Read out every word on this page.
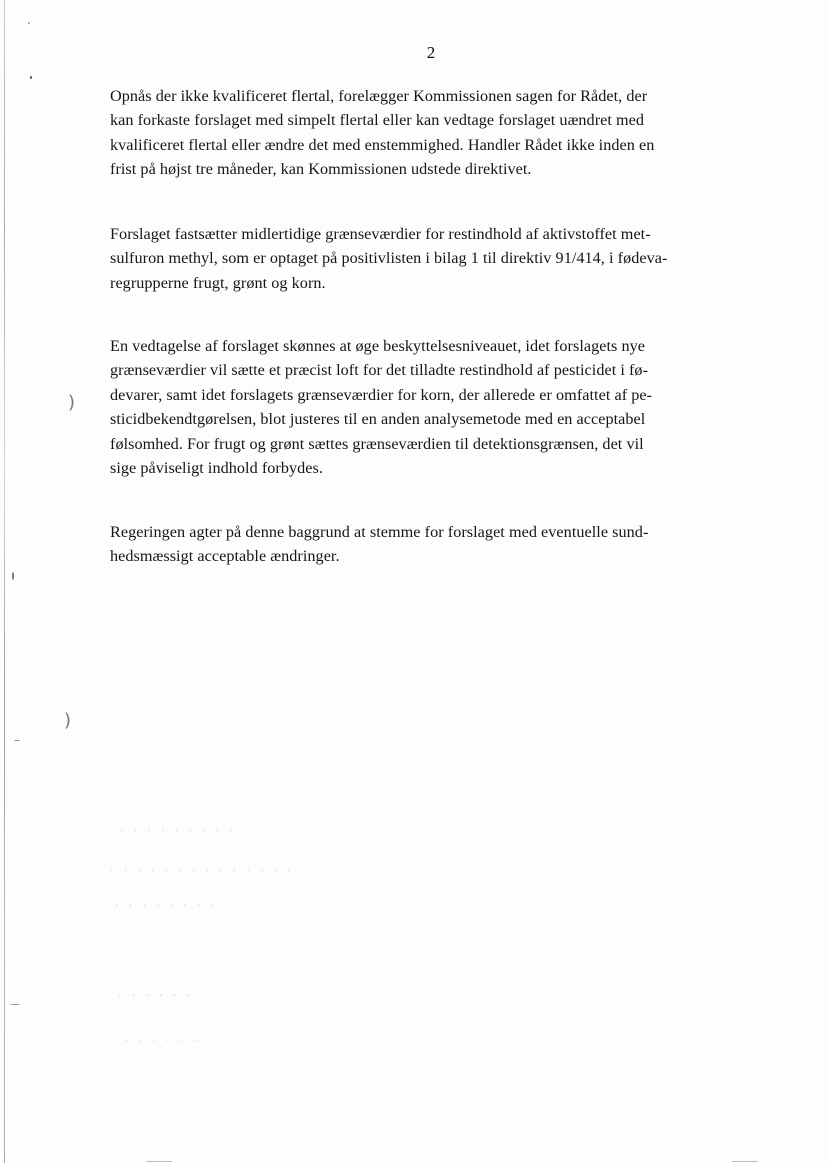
)
)
. . . . . . . . .
. . . . . . . . . . . . . .
. . . . . . . .
. . . . . .
. . . . . .
2

Opnås der ikke kvalificeret flertal, forelægger Kommissionen sagen for Rådet, der
kan forkaste forslaget med simpelt flertal eller kan vedtage forslaget uændret med
kvalificeret flertal eller ændre det med enstemmighed. Handler Rådet ikke inden en
frist på højst tre måneder, kan Kommissionen udstede direktivet.

Forslaget fastsætter midlertidige grænseværdier for restindhold af aktivstoffet met-
sulfuron methyl, som er optaget på positivlisten i bilag 1 til direktiv 91/414, i fødeva-
regrupperne frugt, grønt og korn.

En vedtagelse af forslaget skønnes at øge beskyttelsesniveauet, idet forslagets nye
grænseværdier vil sætte et præcist loft for det tilladte restindhold af pesticidet i fø-
devarer, samt idet forslagets grænseværdier for korn, der allerede er omfattet af pe-
sticidbekendtgørelsen, blot justeres til en anden analysemetode med en acceptabel
følsomhed. For frugt og grønt sættes grænseværdien til detektionsgrænsen, det vil
sige påviseligt indhold forbydes.

Regeringen agter på denne baggrund at stemme for forslaget med eventuelle sund-
hedsmæssigt acceptable ændringer.
